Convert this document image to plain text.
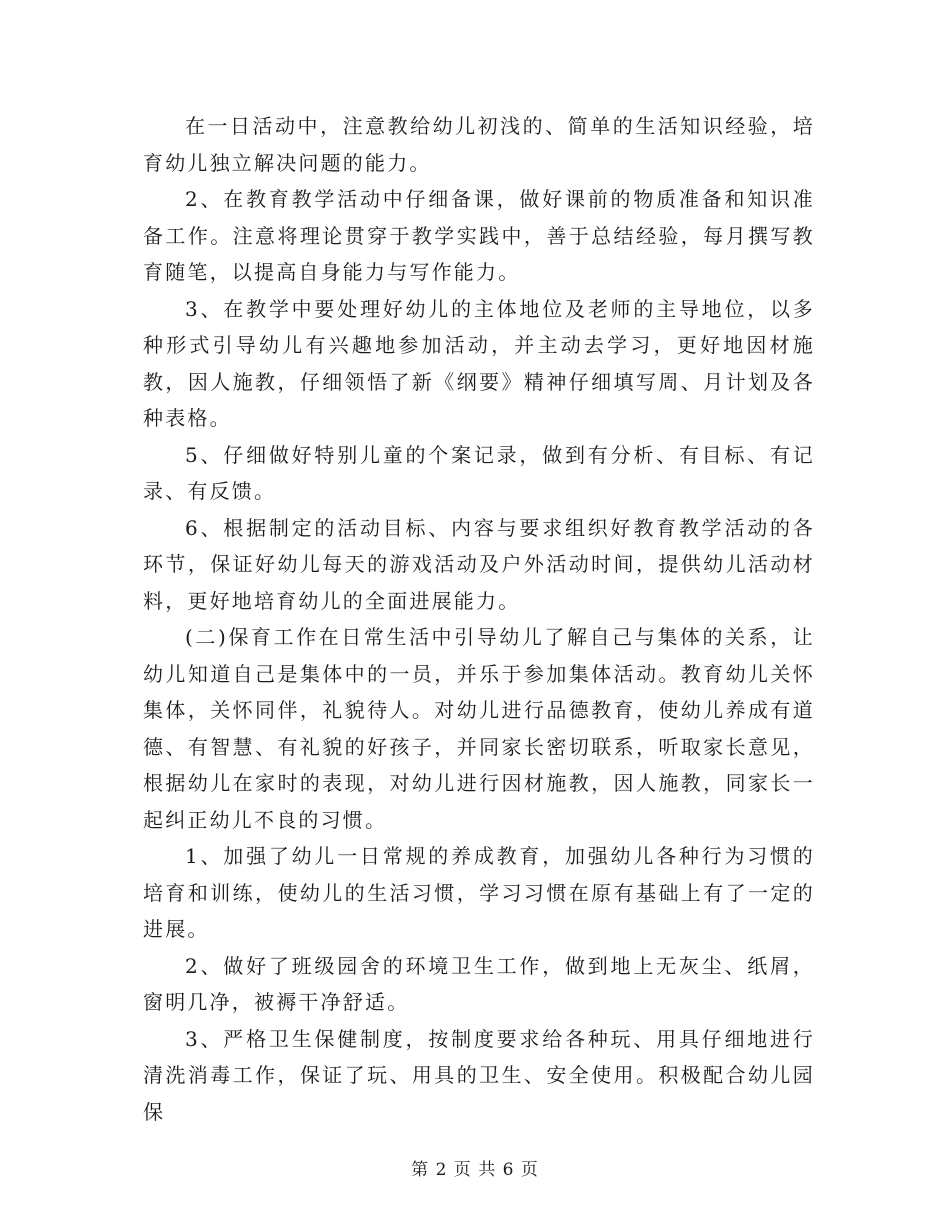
在一日活动中，注意教给幼儿初浅的、简单的生活知识经验，培育幼儿独立解决问题的能力。

2、在教育教学活动中仔细备课，做好课前的物质准备和知识准备工作。注意将理论贯穿于教学实践中，善于总结经验，每月撰写教育随笔，以提高自身能力与写作能力。

3、在教学中要处理好幼儿的主体地位及老师的主导地位，以多种形式引导幼儿有兴趣地参加活动，并主动去学习，更好地因材施教，因人施教，仔细领悟了新《纲要》精神仔细填写周、月计划及各种表格。

5、仔细做好特别儿童的个案记录，做到有分析、有目标、有记录、有反馈。

6、根据制定的活动目标、内容与要求组织好教育教学活动的各环节，保证好幼儿每天的游戏活动及户外活动时间，提供幼儿活动材料，更好地培育幼儿的全面进展能力。

(二)保育工作在日常生活中引导幼儿了解自己与集体的关系，让幼儿知道自己是集体中的一员，并乐于参加集体活动。教育幼儿关怀集体，关怀同伴，礼貌待人。对幼儿进行品德教育，使幼儿养成有道德、有智慧、有礼貌的好孩子，并同家长密切联系，听取家长意见，根据幼儿在家时的表现，对幼儿进行因材施教，因人施教，同家长一起纠正幼儿不良的习惯。

1、加强了幼儿一日常规的养成教育，加强幼儿各种行为习惯的培育和训练，使幼儿的生活习惯，学习习惯在原有基础上有了一定的进展。

2、做好了班级园舍的环境卫生工作，做到地上无灰尘、纸屑，窗明几净，被褥干净舒适。

3、严格卫生保健制度，按制度要求给各种玩、用具仔细地进行清洗消毒工作，保证了玩、用具的卫生、安全使用。积极配合幼儿园保

第 2 页 共 6 页
